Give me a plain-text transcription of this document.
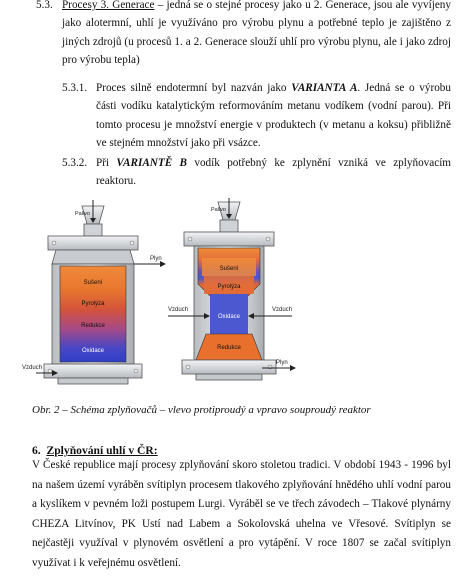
5.3. Procesy 3. Generace – jedná se o stejné procesy jako u 2. Generace, jsou ale vyvíjeny jako alotermní, uhlí je využíváno pro výrobu plynu a potřebné teplo je zajištěno z jiných zdrojů (u procesů 1. a 2. Generace slouží uhlí pro výrobu plynu, ale i jako zdroj pro výrobu tepla)
5.3.1. Proces silně endotermní byl nazván jako VARIANTA A. Jedná se o výrobu části vodíku katalytickým reformováním metanu vodíkem (vodní parou). Při tomto procesu je množství energie v produktech (v metanu a koksu) přibližně ve stejném množství jako při vsázce.
5.3.2. Při VARIANTĚ B vodík potřebný ke zplynění vzniká ve zplyňovacím reaktoru.
Palivo
Plyn
Vzduch
Sušení
Pyrolýza
Redukce
Oxidace
Palivo
Vzduch	Vzduch
Plyn
Sušení
Pyrolýza
Oxidace
Redukce
Obr. 2 – Schéma zplyňovačů – vlevo protiproudý a vpravo souproudý reaktor
6. Zplyňování uhlí v ČR:
V České republice mají procesy zplyňování skoro stoletou tradici. V období 1943 - 1996 byl na našem území vyráběn svítiplyn procesem tlakového zplyňování hnědého uhlí vodní parou a kyslíkem v pevném loži postupem Lurgi. Vyráběl se ve třech závodech – Tlakové plynárny CHEZA Litvínov, PK Ustí nad Labem a Sokolovská uhelna ve Vřesové. Svítiplyn se nejčastěji využíval v plynovém osvětlení a pro vytápění. V roce 1807 se začal svítiplyn využívat i k veřejnému osvětlení.
